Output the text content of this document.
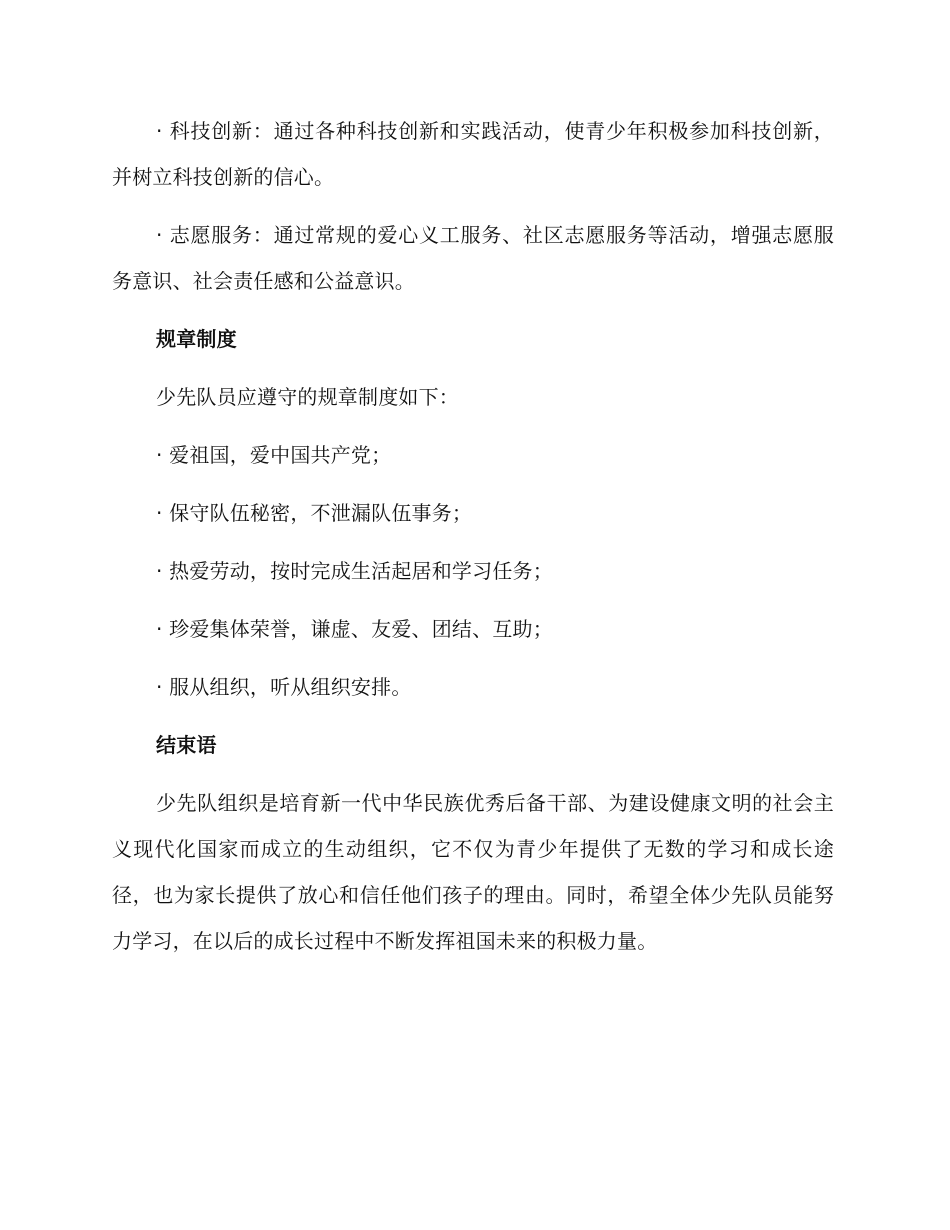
· 科技创新：通过各种科技创新和实践活动，使青少年积极参加科技创新，并树立科技创新的信心。

· 志愿服务：通过常规的爱心义工服务、社区志愿服务等活动，增强志愿服务意识、社会责任感和公益意识。

规章制度

少先队员应遵守的规章制度如下：

· 爱祖国，爱中国共产党；

· 保守队伍秘密，不泄漏队伍事务；

· 热爱劳动，按时完成生活起居和学习任务；

· 珍爱集体荣誉，谦虚、友爱、团结、互助；

· 服从组织，听从组织安排。

结束语

少先队组织是培育新一代中华民族优秀后备干部、为建设健康文明的社会主义现代化国家而成立的生动组织，它不仅为青少年提供了无数的学习和成长途径，也为家长提供了放心和信任他们孩子的理由。同时，希望全体少先队员能努力学习，在以后的成长过程中不断发挥祖国未来的积极力量。
